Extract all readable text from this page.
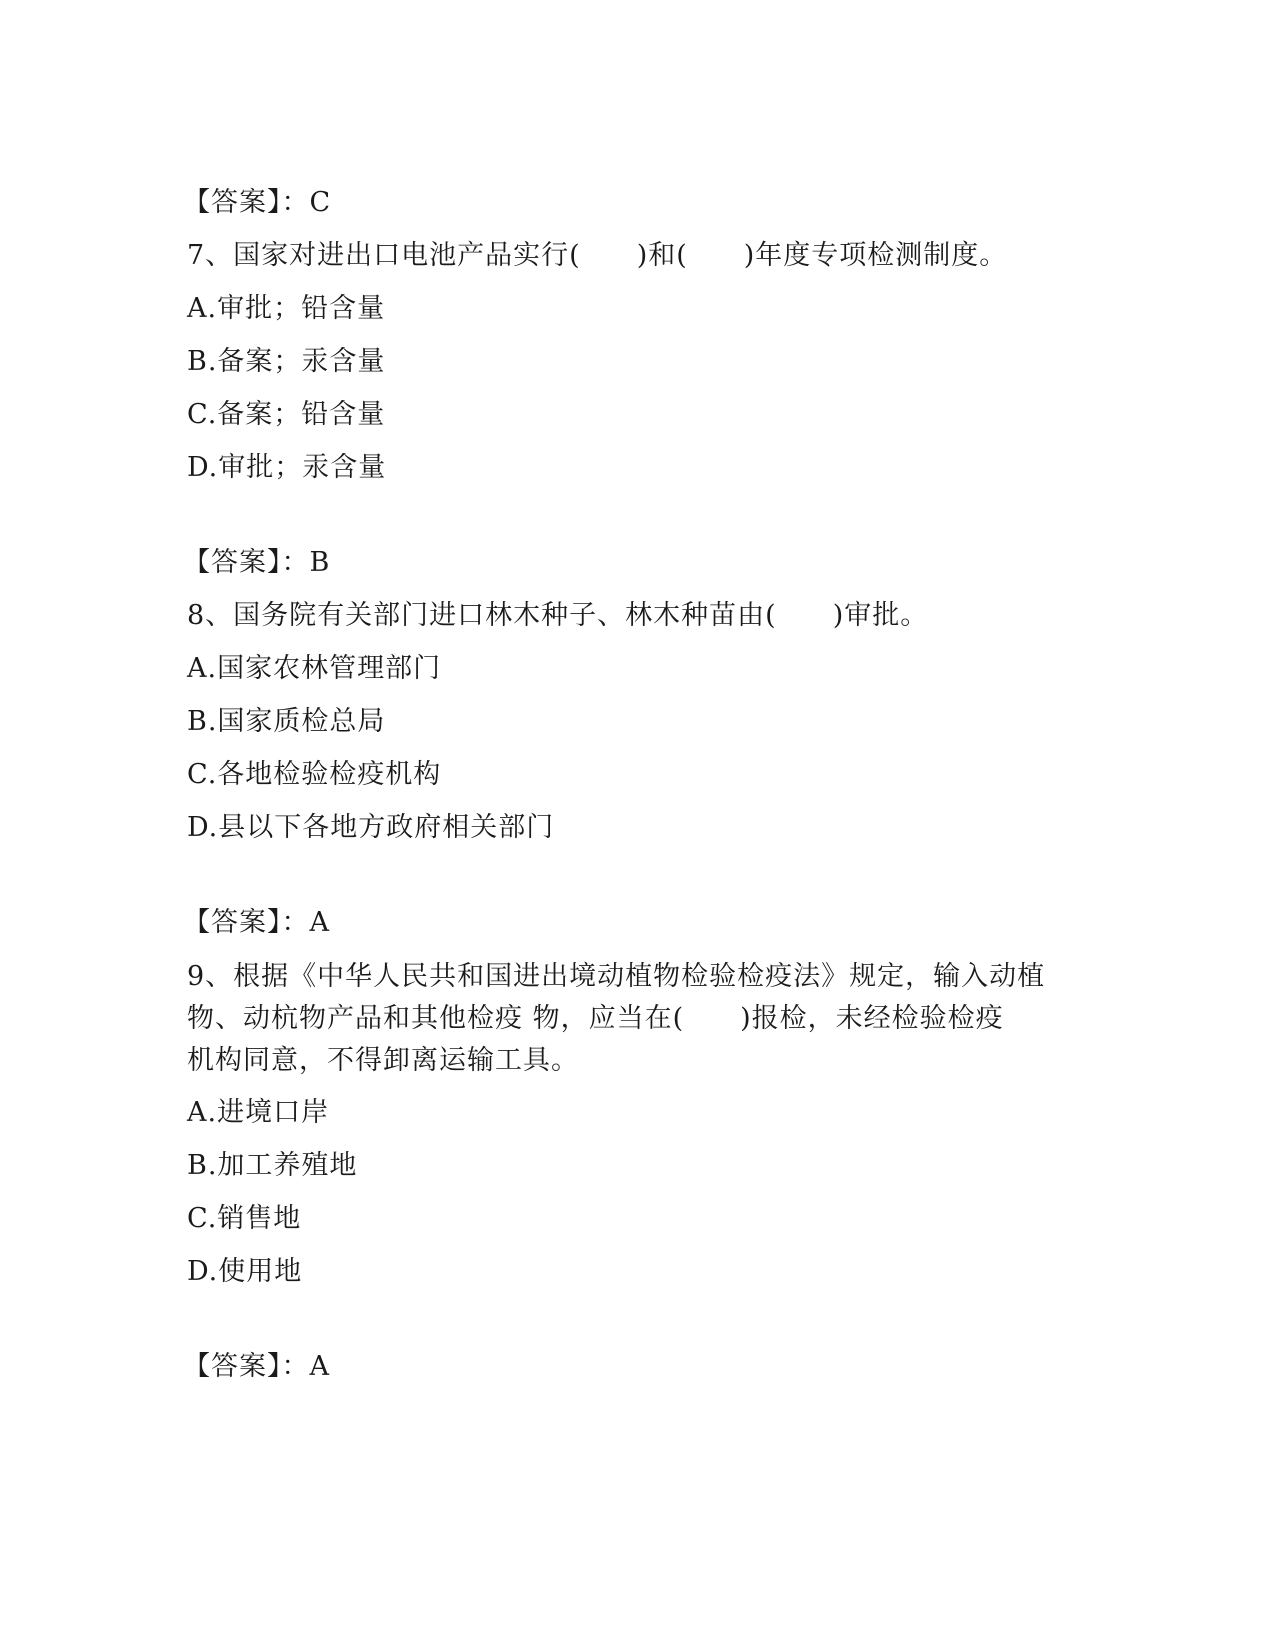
【答案】：C
7、国家对进出口电池产品实行(　　)和(　　)年度专项检测制度。
A.审批；铅含量
B.备案；汞含量
C.备案；铅含量
D.审批；汞含量
【答案】：B
8、国务院有关部门进口林木种子、林木种苗由(　　)审批。
A.国家农林管理部门
B.国家质检总局
C.各地检验检疫机构
D.县以下各地方政府相关部门
【答案】：A
9、根据《中华人民共和国进出境动植物检验检疫法》规定，输入动植
物、动杭物产品和其他检疫 物，应当在(　　)报检，未经检验检疫
机构同意，不得卸离运输工具。
A.进境口岸
B.加工养殖地
C.销售地
D.使用地
【答案】：A
